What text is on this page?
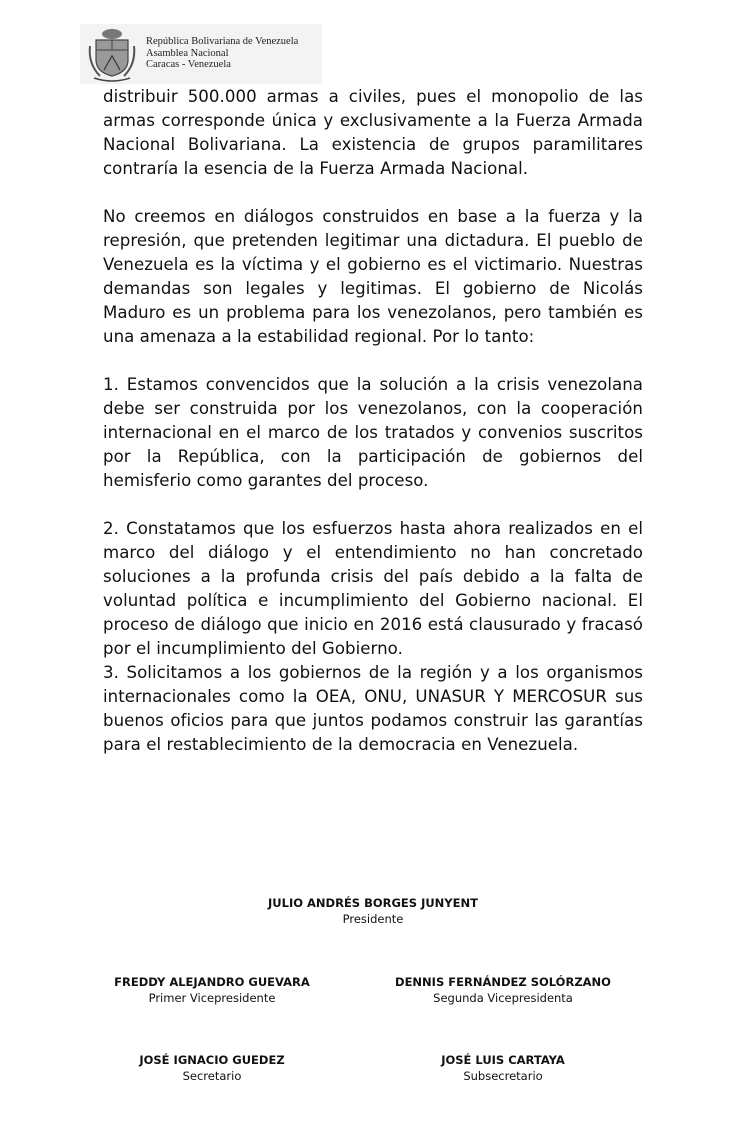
República Bolivariana de Venezuela
Asamblea Nacional
Caracas - Venezuela

distribuir 500.000 armas a civiles, pues el monopolio de las armas corresponde única y exclusivamente a la Fuerza Armada Nacional Bolivariana. La existencia de grupos paramilitares contraría la esencia de la Fuerza Armada Nacional.

No creemos en diálogos construidos en base a la fuerza y la represión, que pretenden legitimar una dictadura. El pueblo de Venezuela es la víctima y el gobierno es el victimario. Nuestras demandas son legales y legitimas. El gobierno de Nicolás Maduro es un problema para los venezolanos, pero también es una amenaza a la estabilidad regional. Por lo tanto:

1. Estamos convencidos que la solución a la crisis venezolana debe ser construida por los venezolanos, con la cooperación internacional en el marco de los tratados y convenios suscritos por la República, con la participación de gobiernos del hemisferio como garantes del proceso.

2. Constatamos que los esfuerzos hasta ahora realizados en el marco del diálogo y el entendimiento no han concretado soluciones a la profunda crisis del país debido a la falta de voluntad política e incumplimiento del Gobierno nacional. El proceso de diálogo que inicio en 2016 está clausurado y fracasó por el incumplimiento del Gobierno.

3. Solicitamos a los gobiernos de la región y a los organismos internacionales como la OEA, ONU, UNASUR Y MERCOSUR sus buenos oficios para que juntos podamos construir las garantías para el restablecimiento de la democracia en Venezuela.

JULIO ANDRÉS BORGES JUNYENT
Presidente
FREDDY ALEJANDRO GUEVARA
Primer Vicepresidente
DENNIS FERNÁNDEZ SOLÓRZANO
Segunda Vicepresidenta
JOSÉ IGNACIO GUEDEZ
Secretario
JOSÉ LUIS CARTAYA
Subsecretario
